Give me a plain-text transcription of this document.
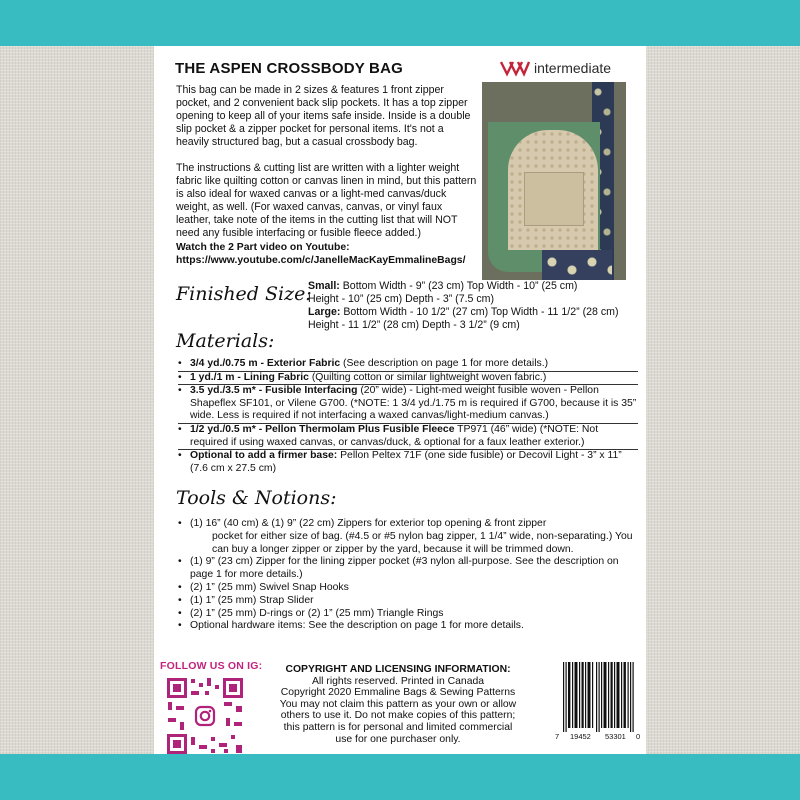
THE ASPEN CROSSBODY BAG	intermediate

This bag can be made in 2 sizes & features 1 front zipper pocket, and 2 convenient back slip pockets. It has a top zipper opening to keep all of your items safe inside. Inside is a double slip pocket & a zipper pocket for personal items. It's not a heavily structured bag, but a casual crossbody bag.

The instructions & cutting list are written with a lighter weight fabric like quilting cotton or canvas linen in mind, but this pattern is also ideal for waxed canvas or a light-med canvas/duck weight, as well. (For waxed canvas, canvas, or vinyl faux leather, take note of the items in the cutting list that will NOT need any fusible interfacing or fusible fleece added.)

Watch the 2 Part video on Youtube:
https://www.youtube.com/c/JanelleMacKayEmmalineBags/
Finished Size:
Small: Bottom Width - 9” (23 cm) Top Width - 10” (25 cm)
Height - 10” (25 cm) Depth - 3” (7.5 cm)
Large: Bottom Width - 10 1/2” (27 cm) Top Width - 11 1/2” (28 cm)
Height - 11 1/2” (28 cm) Depth - 3 1/2” (9 cm)
Materials:
• 3/4 yd./0.75 m - Exterior Fabric (See description on page 1 for more details.)
• 1 yd./1 m - Lining Fabric (Quilting cotton or similar lightweight woven fabric.)
• 3.5 yd./3.5 m* - Fusible Interfacing (20” wide) - Light-med weight fusible woven - Pellon Shapeflex SF101, or Vilene G700. (*NOTE: 1 3/4 yd./1.75 m is required if G700, because it is 35” wide. Less is required if not interfacing a waxed canvas/light-medium canvas.)
• 1/2 yd./0.5 m* - Pellon Thermolam Plus Fusible Fleece TP971 (46” wide) (*NOTE: Not required if using waxed canvas, or canvas/duck, & optional for a faux leather exterior.)
• Optional to add a firmer base: Pellon Peltex 71F (one side fusible) or Decovil Light - 3” x 11” (7.6 cm x 27.5 cm)
Tools & Notions:
• (1) 16” (40 cm) & (1) 9” (22 cm) Zippers for exterior top opening & front zipper
pocket for either size of bag. (#4.5 or #5 nylon bag zipper, 1 1/4” wide, non-separating.) You can buy a longer zipper or zipper by the yard, because it will be trimmed down.
• (1) 9” (23 cm) Zipper for the lining zipper pocket (#3 nylon all-purpose. See the description on page 1 for more details.)
• (2) 1” (25 mm) Swivel Snap Hooks
• (1) 1” (25 mm) Strap Slider
• (2) 1” (25 mm) D-rings or (2) 1” (25 mm) Triangle Rings
• Optional hardware items: See the description on page 1 for more details.
FOLLOW US ON IG:	COPYRIGHT AND LICENSING INFORMATION:
All rights reserved. Printed in Canada
Copyright 2020 Emmaline Bags & Sewing Patterns
You may not claim this pattern as your own or allow
others to use it. Do not make copies of this pattern;
this pattern is for personal and limited commercial
use for one purchaser only.	7 19452 53301 0
